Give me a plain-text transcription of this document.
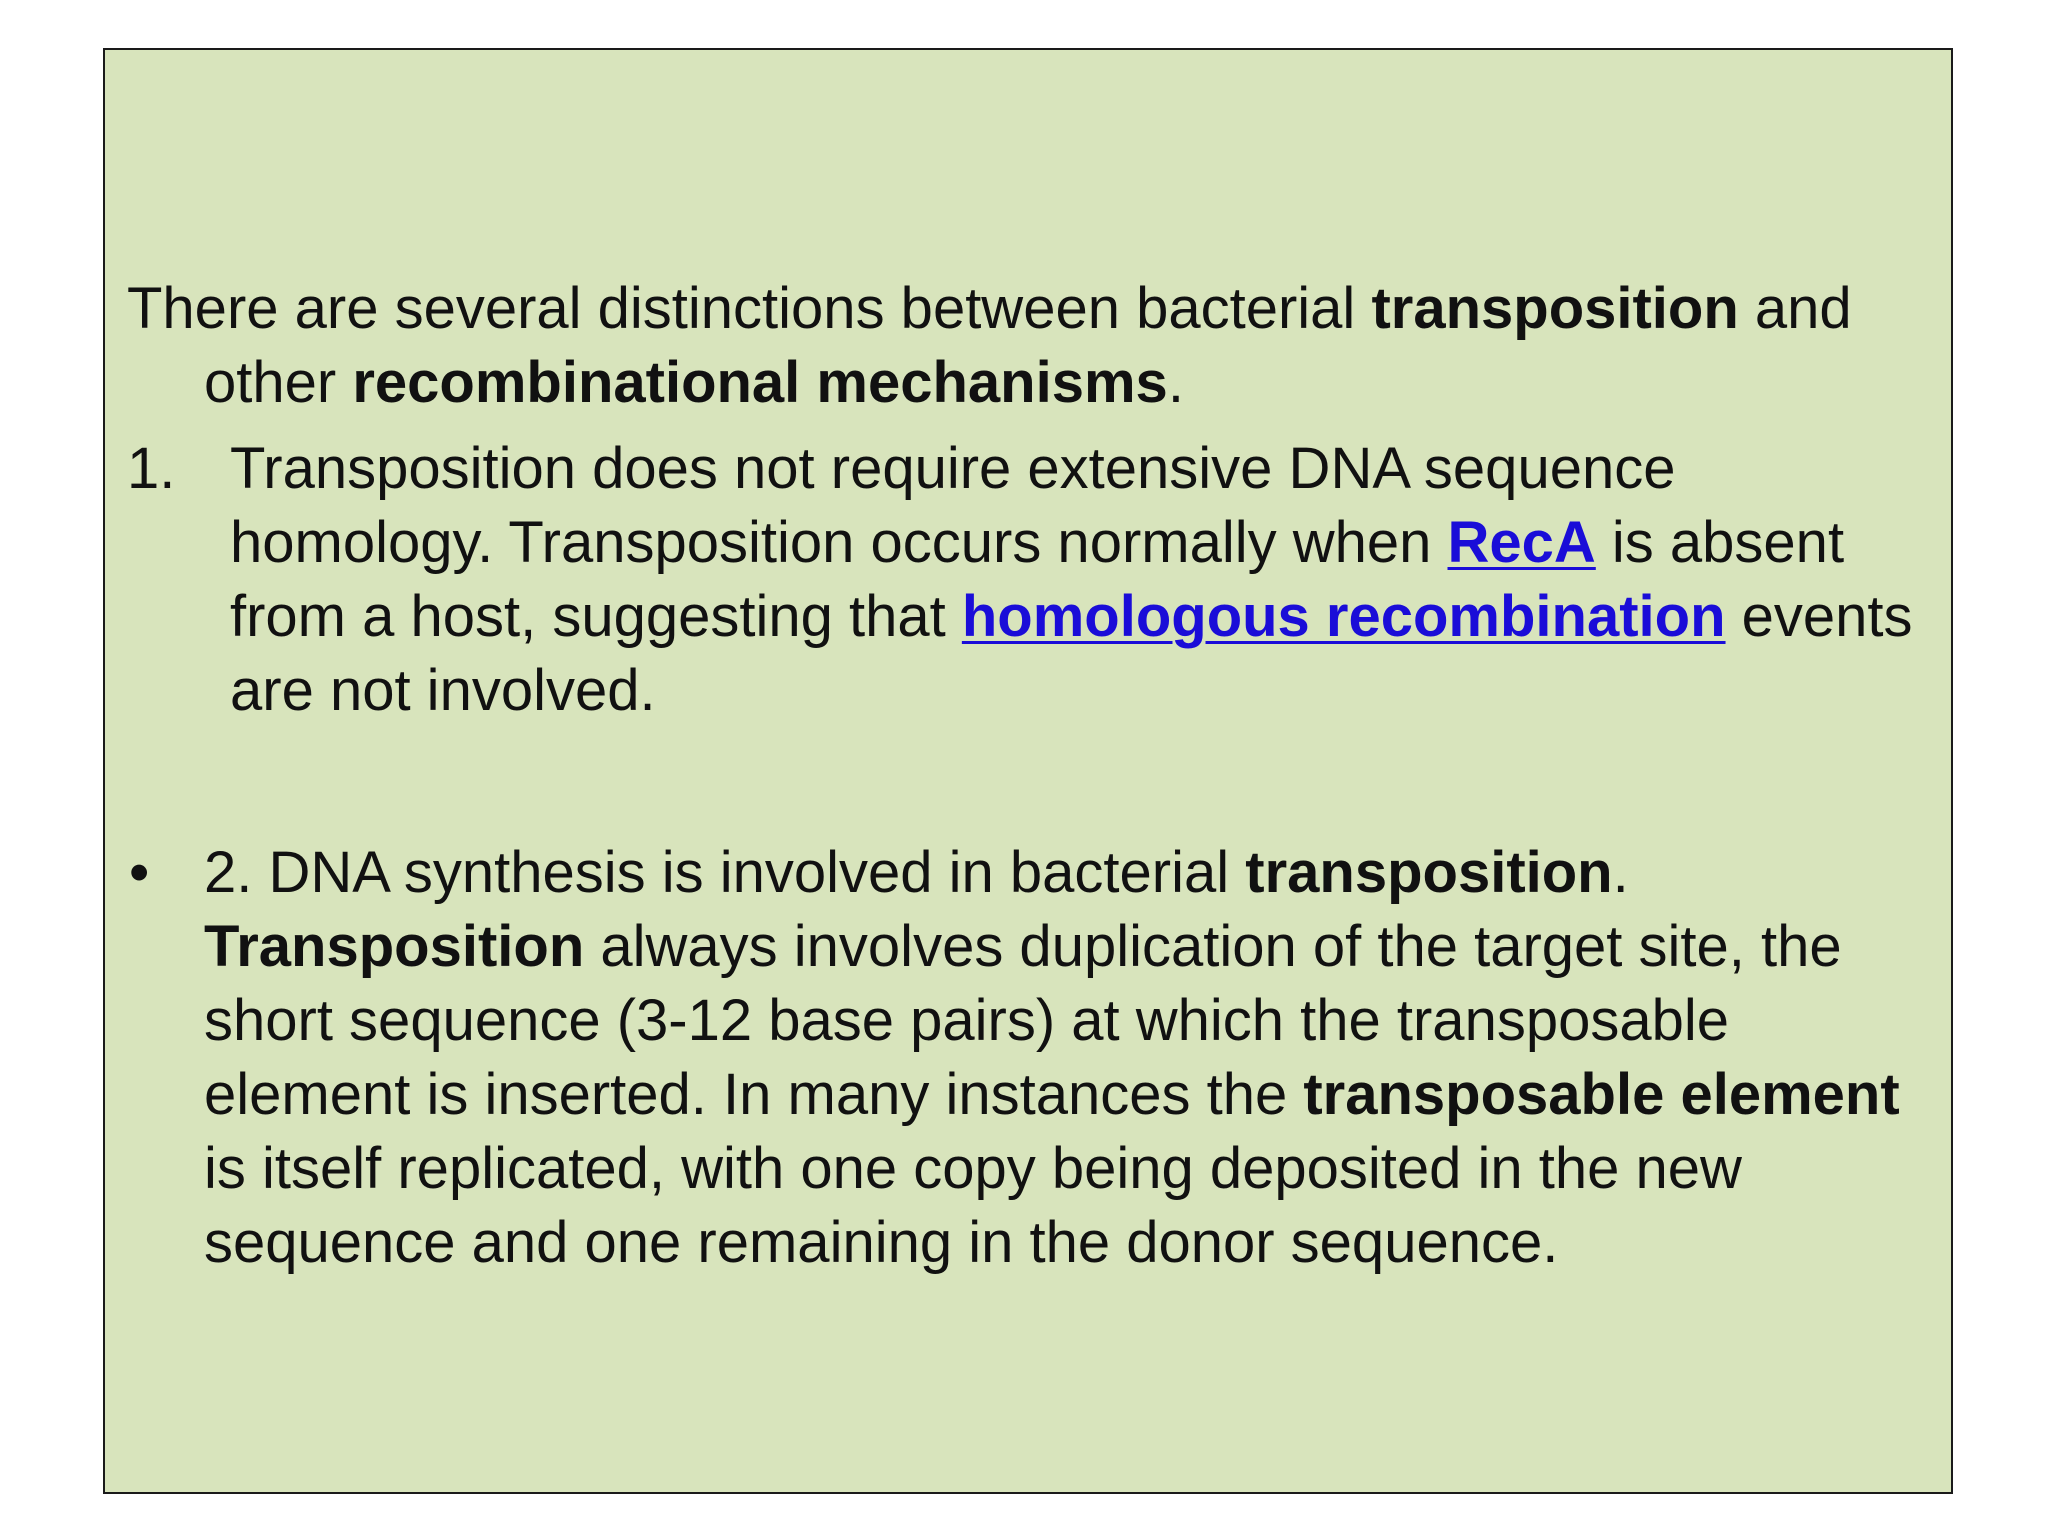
There are several distinctions between bacterial transposition and other recombinational mechanisms.

1. Transposition does not require extensive DNA sequence homology. Transposition occurs normally when RecA is absent from a host, suggesting that homologous recombination events are not involved.
• 2. DNA synthesis is involved in bacterial transposition. Transposition always involves duplication of the target site, the short sequence (3-12 base pairs) at which the transposable element is inserted. In many instances the transposable element is itself replicated, with one copy being deposited in the new sequence and one remaining in the donor sequence.
